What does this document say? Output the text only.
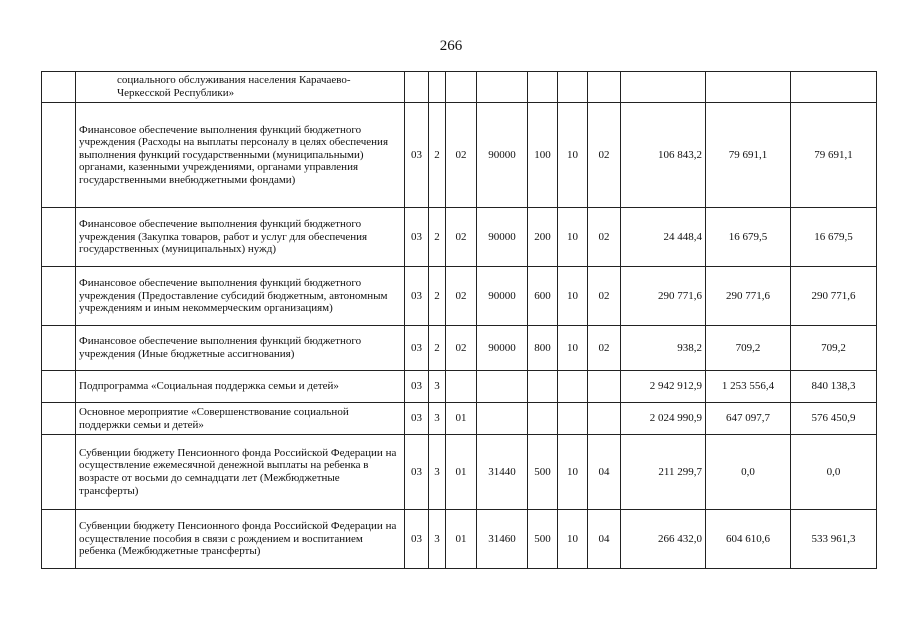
266
	социального обслуживания населения Карачаево-Черкесской Республики»										
	Финансовое обеспечение выполнения функций бюджетного учреждения (Расходы на выплаты персоналу в целях обеспечения выполнения функций государственными (муниципальными) органами, казенными учреждениями, органами управления государственными внебюджетными фондами)	03	2	02	90000	100	10	02	106 843,2	79 691,1	79 691,1
	Финансовое обеспечение выполнения функций бюджетного учреждения (Закупка товаров, работ и услуг для обеспечения государственных (муниципальных) нужд)	03	2	02	90000	200	10	02	24 448,4	16 679,5	16 679,5
	Финансовое обеспечение выполнения функций бюджетного учреждения (Предоставление субсидий бюджетным, автономным учреждениям и иным некоммерческим организациям)	03	2	02	90000	600	10	02	290 771,6	290 771,6	290 771,6
	Финансовое обеспечение выполнения функций бюджетного учреждения (Иные бюджетные ассигнования)	03	2	02	90000	800	10	02	938,2	709,2	709,2
	Подпрограмма «Социальная поддержка семьи и детей»	03	3						2 942 912,9	1 253 556,4	840 138,3
	Основное мероприятие «Совершенствование социальной поддержки семьи и детей»	03	3	01					2 024 990,9	647 097,7	576 450,9
	Субвенции бюджету Пенсионного фонда Российской Федерации на осуществление ежемесячной денежной выплаты на ребенка в возрасте от восьми до семнадцати лет (Межбюджетные трансферты)	03	3	01	31440	500	10	04	211 299,7	0,0	0,0
	Субвенции бюджету Пенсионного фонда Российской Федерации на осуществление пособия в связи с рождением и воспитанием ребенка (Межбюджетные трансферты)	03	3	01	31460	500	10	04	266 432,0	604 610,6	533 961,3
